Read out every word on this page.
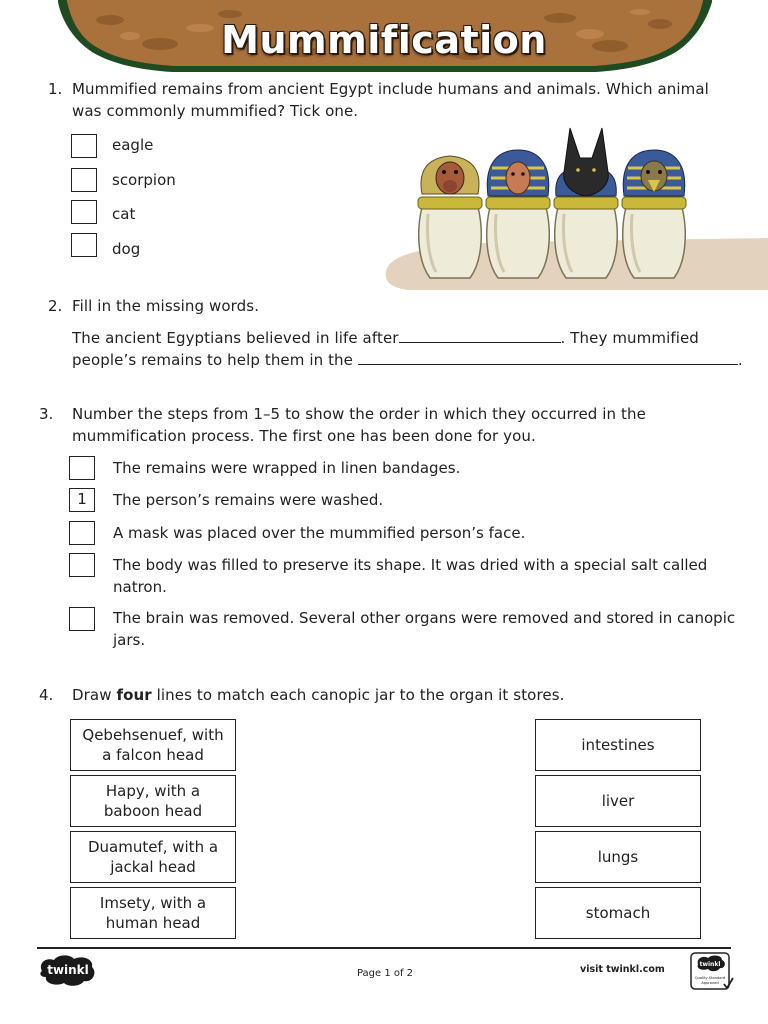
Mummification
1. Mummified remains from ancient Egypt include humans and animals. Which animal
was commonly mummified? Tick one.
eagle
scorpion
cat
dog
2. Fill in the missing words.
The ancient Egyptians believed in life after	. They mummified
people’s remains to help them in the	.
3. Number the steps from 1–5 to show the order in which they occurred in the
mummification process. The first one has been done for you.
The remains were wrapped in linen bandages.
1	The person’s remains were washed.
A mask was placed over the mummified person’s face.
The body was filled to preserve its shape. It was dried with a special salt called
natron.
The brain was removed. Several other organs were removed and stored in canopic
jars.
4. Draw four lines to match each canopic jar to the organ it stores.
Qebehsenuef, with
a falcon head
Hapy, with a
baboon head
Duamutef, with a
jackal head
Imsety, with a
human head
intestines
liver
lungs
stomach
twinkl	Page 1 of 2	visit twinkl.com	twinkl
Quality Standard
Approved
